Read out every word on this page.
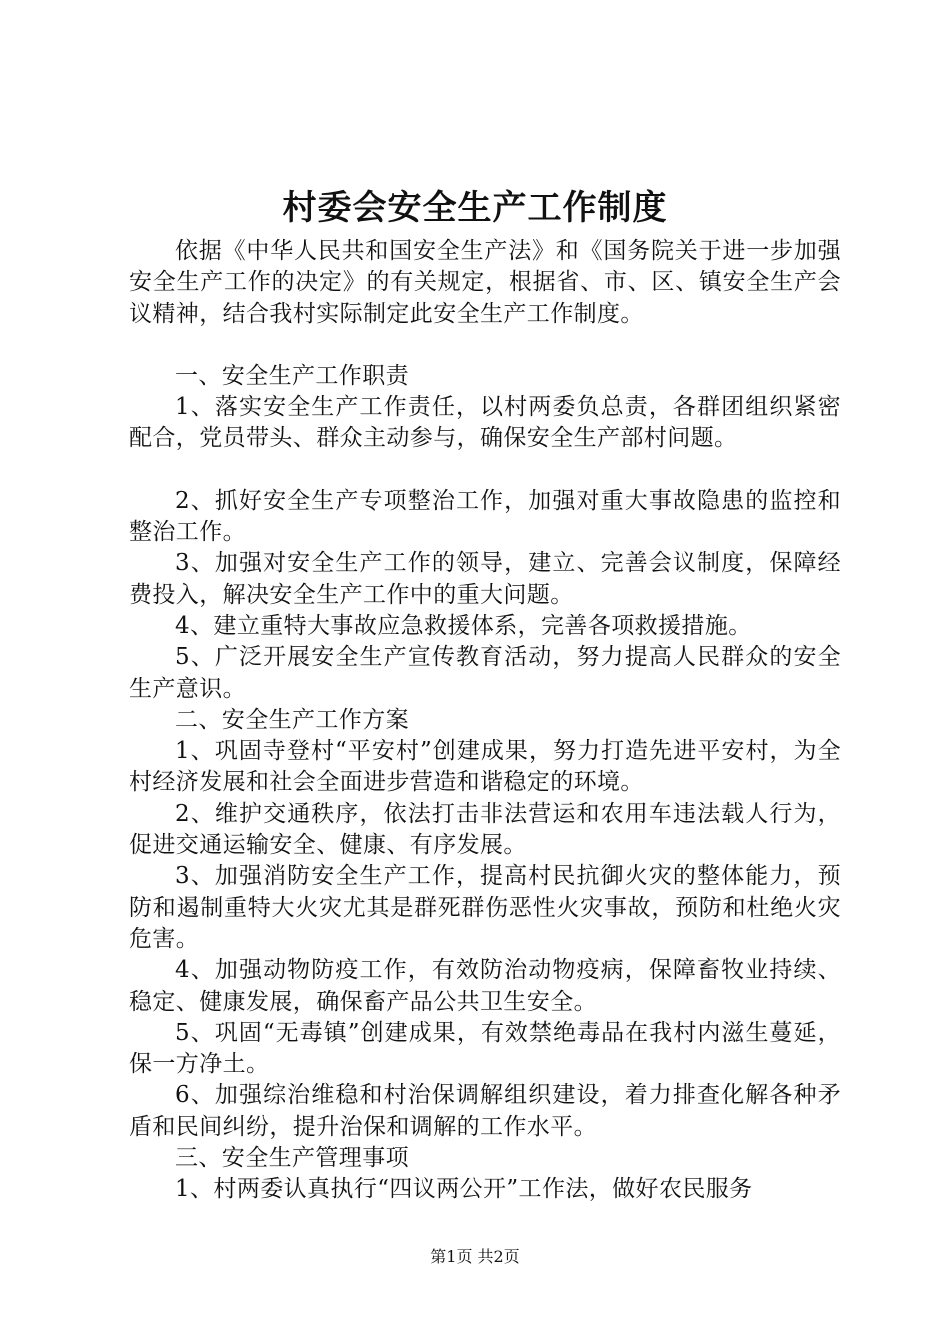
村委会安全生产工作制度

依据《中华人民共和国安全生产法》和《国务院关于进一步加强安全生产工作的决定》的有关规定，根据省、市、区、镇安全生产会议精神，结合我村实际制定此安全生产工作制度。

一、安全生产工作职责

1、落实安全生产工作责任，以村两委负总责，各群团组织紧密配合，党员带头、群众主动参与，确保安全生产部村问题。

2、抓好安全生产专项整治工作，加强对重大事故隐患的监控和整治工作。

3、加强对安全生产工作的领导，建立、完善会议制度，保障经费投入，解决安全生产工作中的重大问题。

4、建立重特大事故应急救援体系，完善各项救援措施。

5、广泛开展安全生产宣传教育活动，努力提高人民群众的安全生产意识。

二、安全生产工作方案

1、巩固寺登村“平安村”创建成果，努力打造先进平安村，为全村经济发展和社会全面进步营造和谐稳定的环境。

2、维护交通秩序，依法打击非法营运和农用车违法载人行为，促进交通运输安全、健康、有序发展。

3、加强消防安全生产工作，提高村民抗御火灾的整体能力，预防和遏制重特大火灾尤其是群死群伤恶性火灾事故，预防和杜绝火灾危害。

4、加强动物防疫工作，有效防治动物疫病，保障畜牧业持续、稳定、健康发展，确保畜产品公共卫生安全。

5、巩固“无毒镇”创建成果，有效禁绝毒品在我村内滋生蔓延，保一方净土。

6、加强综治维稳和村治保调解组织建设，着力排查化解各种矛盾和民间纠纷，提升治保和调解的工作水平。

三、安全生产管理事项

1、村两委认真执行“四议两公开”工作法，做好农民服务

第1页 共2页
